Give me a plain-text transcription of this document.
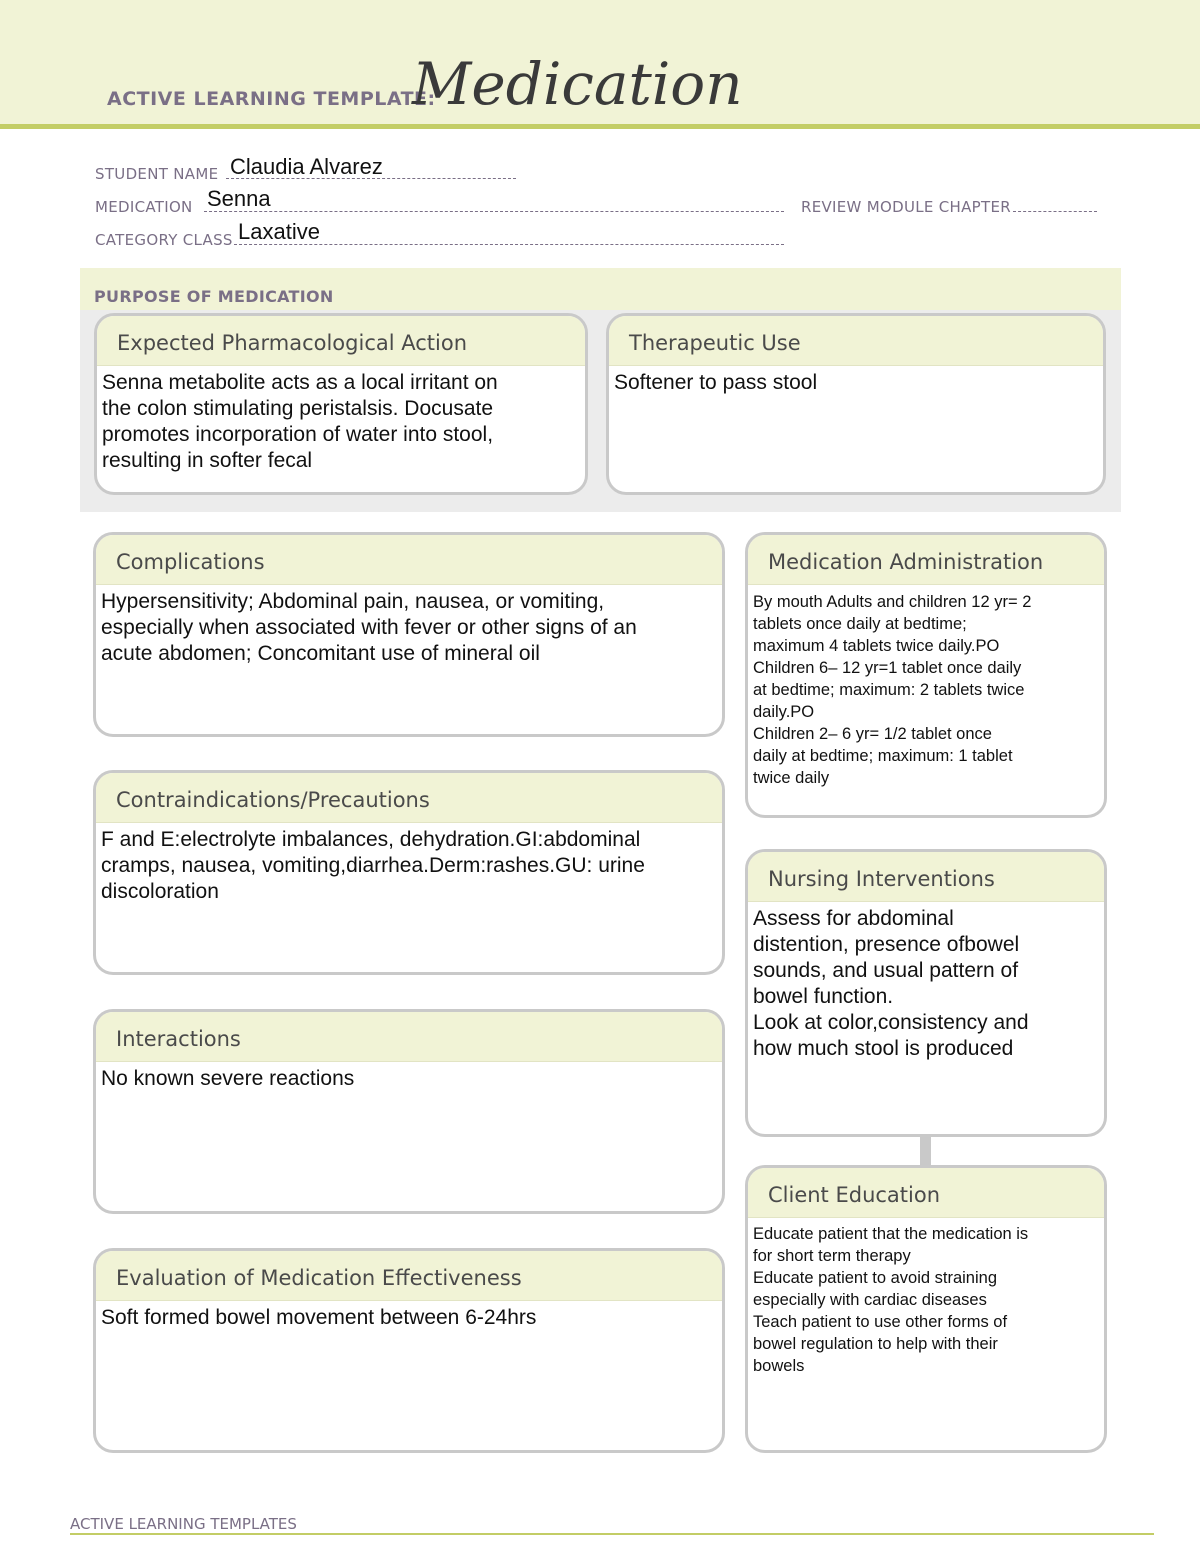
ACTIVE LEARNING TEMPLATE:
Medication
STUDENT NAME Claudia Alvarez
MEDICATION Senna	REVIEW MODULE CHAPTER
CATEGORY CLASS Laxative
PURPOSE OF MEDICATION
Expected Pharmacological Action
Senna metabolite acts as a local irritant on
the colon stimulating peristalsis. Docusate
promotes incorporation of water into stool,
resulting in softer fecal
Therapeutic Use
Softener to pass stool
Complications
Hypersensitivity; Abdominal pain, nausea, or vomiting,
especially when associated with fever or other signs of an
acute abdomen; Concomitant use of mineral oil
Contraindications/Precautions
F and E:electrolyte imbalances, dehydration.GI:abdominal
cramps, nausea, vomiting,diarrhea.Derm:rashes.GU: urine
discoloration
Interactions
No known severe reactions
Evaluation of Medication Effectiveness
Soft formed bowel movement between 6-24hrs
Medication Administration
By mouth Adults and children 12 yr= 2
tablets once daily at bedtime;
maximum 4 tablets twice daily.PO
Children 6– 12 yr=1 tablet once daily
at bedtime; maximum: 2 tablets twice
daily.PO
Children 2– 6 yr= 1/2 tablet once
daily at bedtime; maximum: 1 tablet
twice daily
Nursing Interventions
Assess for abdominal
distention, presence ofbowel
sounds, and usual pattern of
bowel function.
Look at color,consistency and
how much stool is produced
Client Education
Educate patient that the medication is
for short term therapy
Educate patient to avoid straining
especially with cardiac diseases
Teach patient to use other forms of
bowel regulation to help with their
bowels
ACTIVE LEARNING TEMPLATES
